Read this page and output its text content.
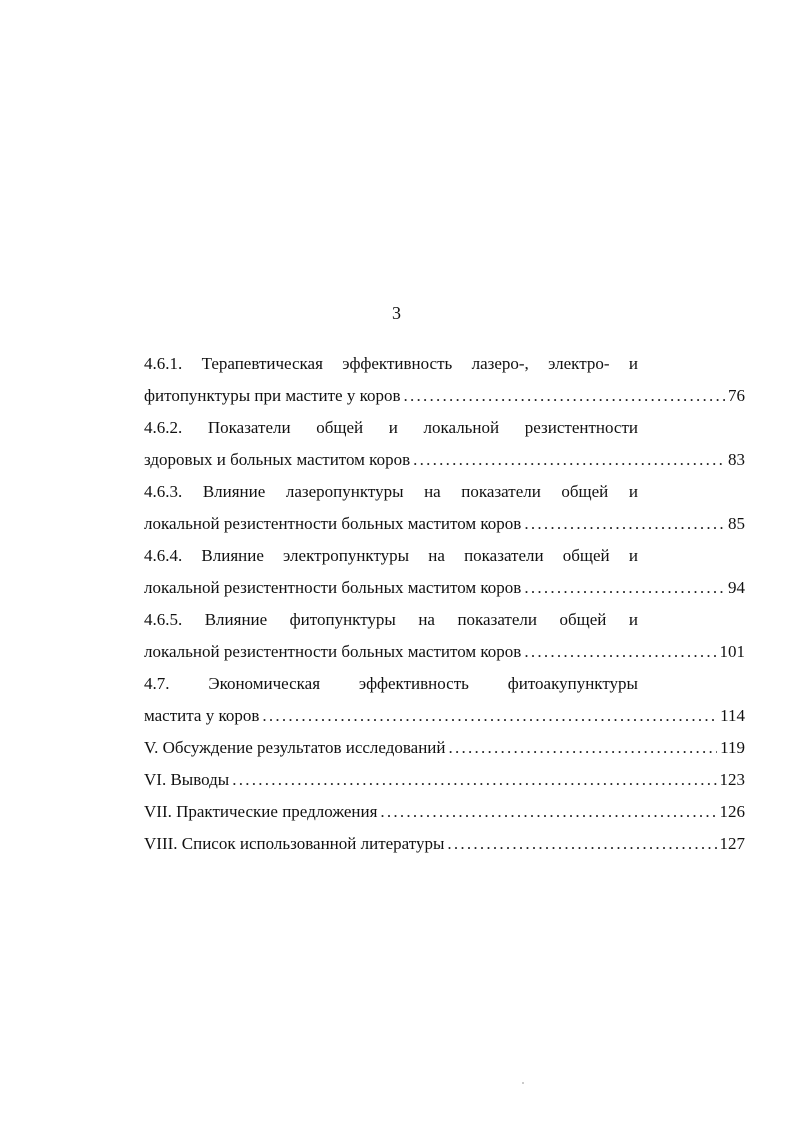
3
4.6.1. Терапевтическая эффективность лазеро-, электро- и
фитопунктуры при мастите у коров . . .	76
4.6.2. Показатели общей и локальной резистентности
здоровых и больных маститом коров . . .	83
4.6.3. Влияние лазеропунктуры на показатели общей и
локальной резистентности больных маститом коров . . .	85
4.6.4. Влияние электропунктуры на показатели общей и
локальной резистентности больных маститом коров . . .	94
4.6.5. Влияние фитопунктуры на показатели общей и
локальной резистентности больных маститом коров . . .	101
4.7. Экономическая эффективность фитоакупунктуры
мастита у коров . . .	114
V. Обсуждение результатов исследований . . .	119
VI. Выводы . . .	123
VII. Практические предложения . . .	126
VIII. Список использованной литературы . . .	127
